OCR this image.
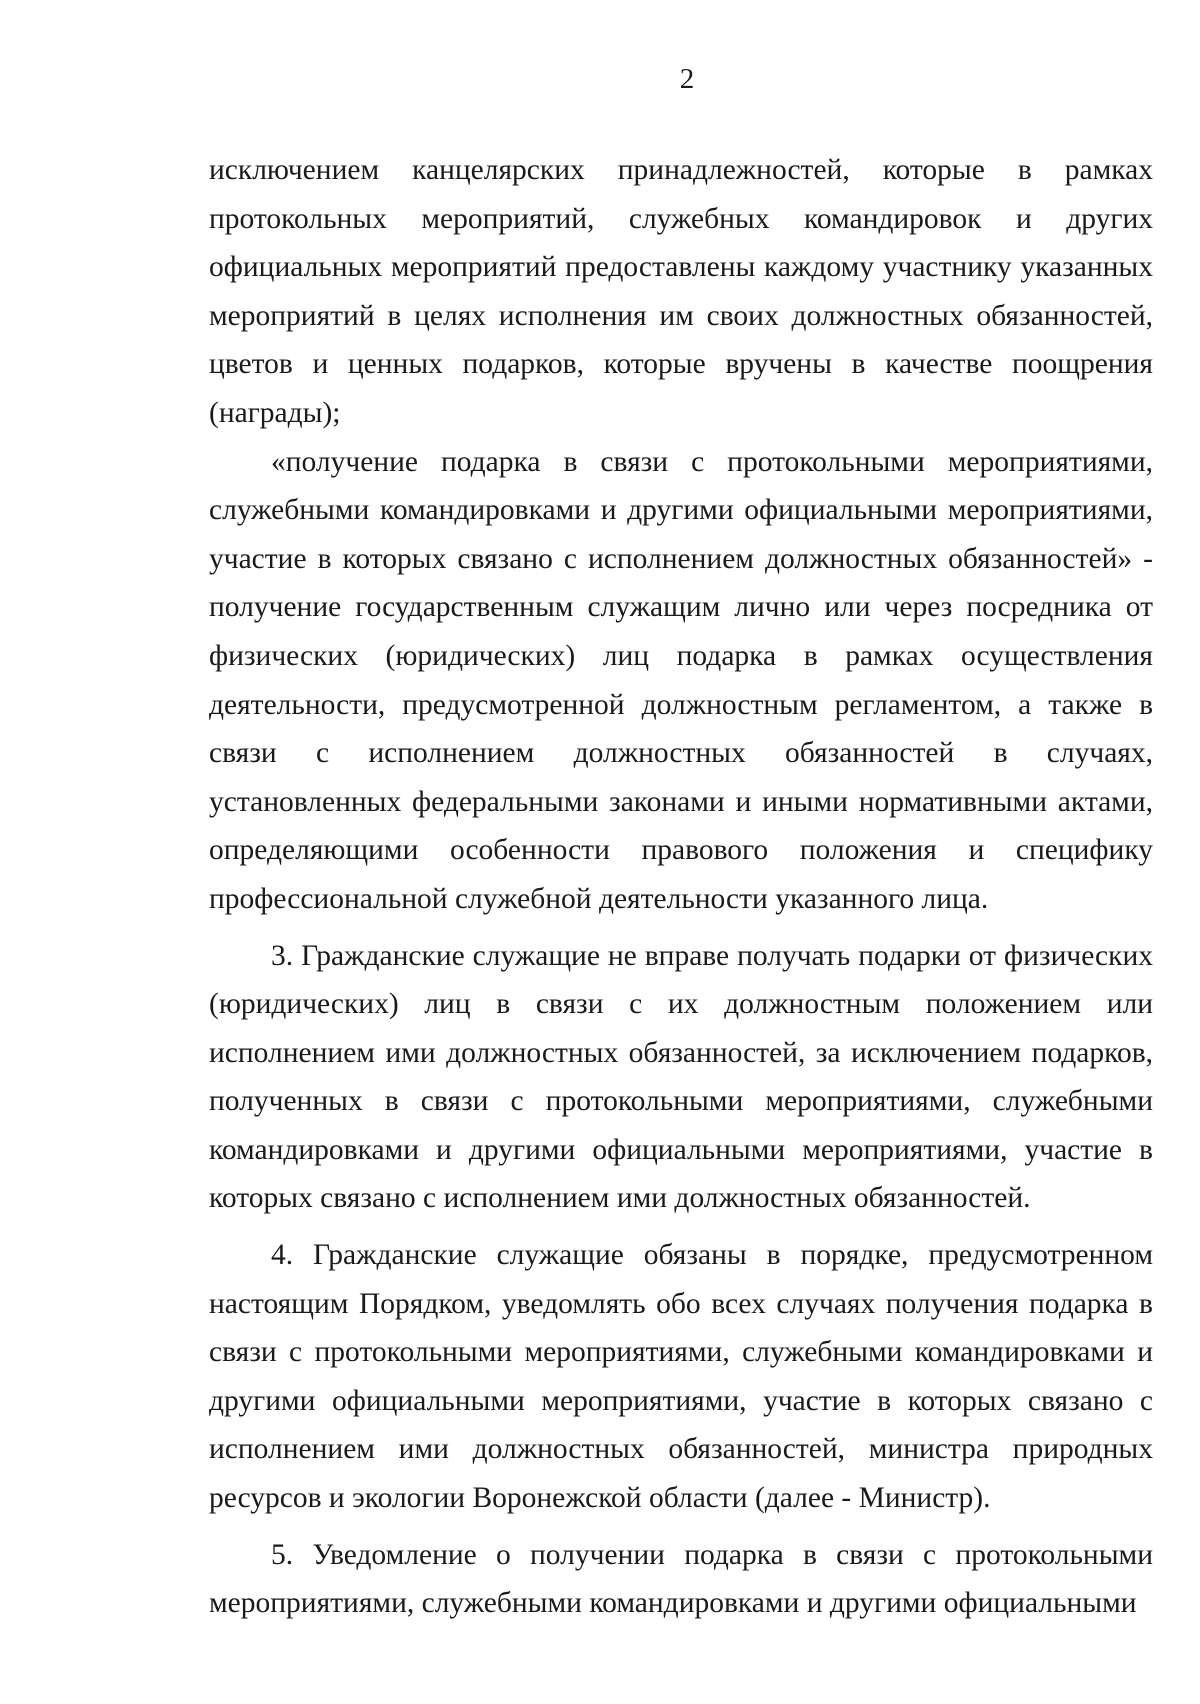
2

исключением канцелярских принадлежностей, которые в рамках протокольных мероприятий, служебных командировок и других официальных мероприятий предоставлены каждому участнику указанных мероприятий в целях исполнения им своих должностных обязанностей, цветов и ценных подарков, которые вручены в качестве поощрения (награды);

«получение подарка в связи с протокольными мероприятиями, служебными командировками и другими официальными мероприятиями, участие в которых связано с исполнением должностных обязанностей» - получение государственным служащим лично или через посредника от физических (юридических) лиц подарка в рамках осуществления деятельности, предусмотренной должностным регламентом, а также в связи с исполнением должностных обязанностей в случаях, установленных федеральными законами и иными нормативными актами, определяющими особенности правового положения и специфику профессиональной служебной деятельности указанного лица.

3. Гражданские служащие не вправе получать подарки от физических (юридических) лиц в связи с их должностным положением или исполнением ими должностных обязанностей, за исключением подарков, полученных в связи с протокольными мероприятиями, служебными командировками и другими официальными мероприятиями, участие в которых связано с исполнением ими должностных обязанностей.

4. Гражданские служащие обязаны в порядке, предусмотренном настоящим Порядком, уведомлять обо всех случаях получения подарка в связи с протокольными мероприятиями, служебными командировками и другими официальными мероприятиями, участие в которых связано с исполнением ими должностных обязанностей, министра природных ресурсов и экологии Воронежской области (далее - Министр).

5. Уведомление о получении подарка в связи с протокольными мероприятиями, служебными командировками и другими официальными
